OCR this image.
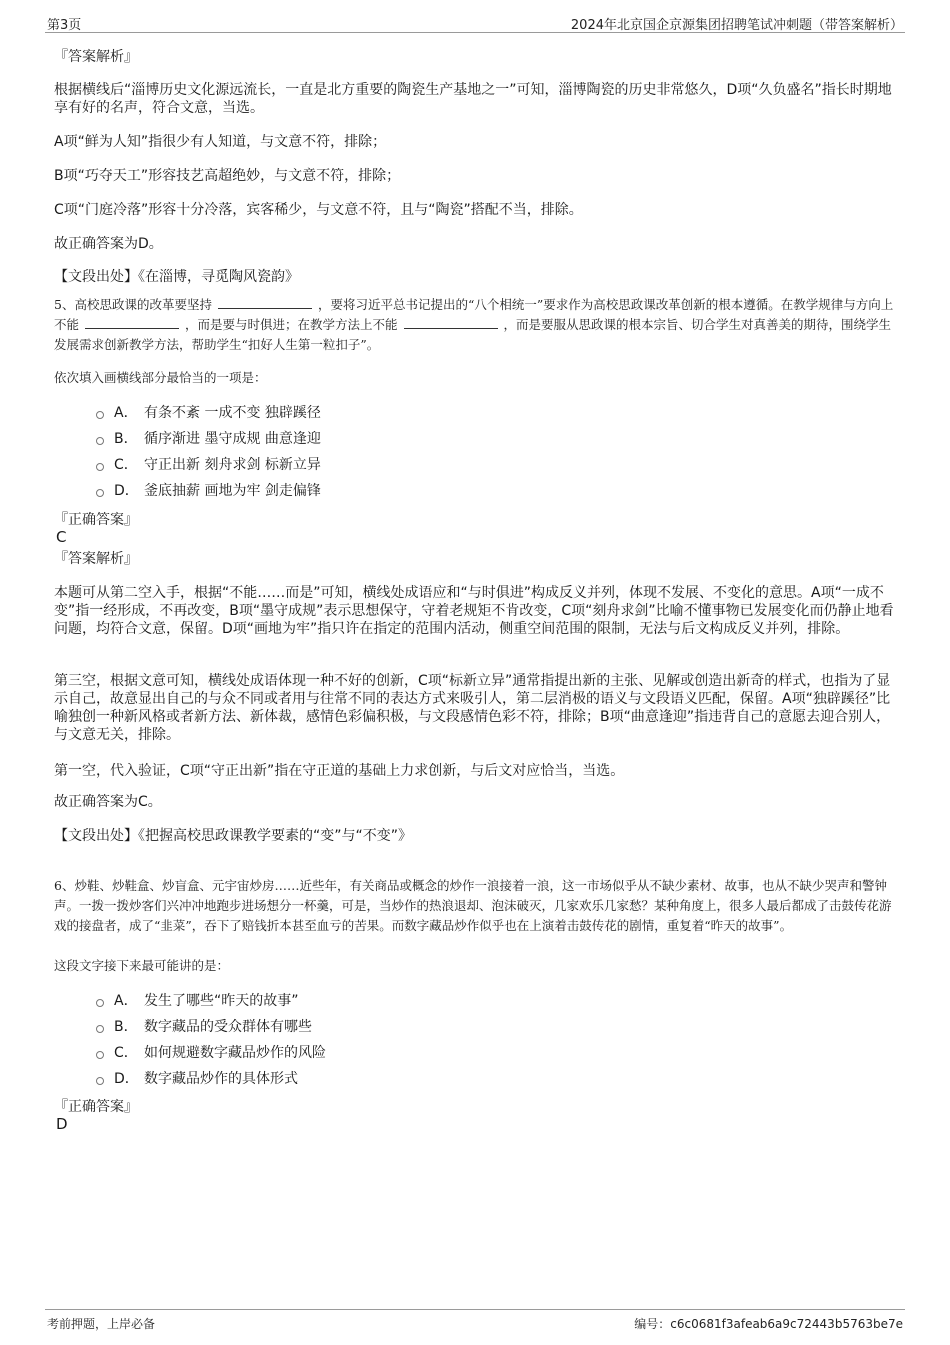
第3页	2024年北京国企京源集团招聘笔试冲刺题（带答案解析）
『答案解析』
根据横线后“淄博历史文化源远流长，一直是北方重要的陶瓷生产基地之一”可知，淄博陶瓷的历史非常悠久，D项“久负盛名”指长时期地享有好的名声，符合文意，当选。
A项“鲜为人知”指很少有人知道，与文意不符，排除；
B项“巧夺天工”形容技艺高超绝妙，与文意不符，排除；
C项“门庭冷落”形容十分冷落，宾客稀少，与文意不符，且与“陶瓷”搭配不当，排除。
故正确答案为D。
【文段出处】《在淄博，寻觅陶风瓷韵》
5、高校思政课的改革要坚持	，要将习近平总书记提出的“八个相统一”要求作为高校思政课改革创新的根本遵循。在教学规律与方向上不能	，而是要与时俱进；在教学方法上不能	，而是要服从思政课的根本宗旨、切合学生对真善美的期待，围绕学生发展需求创新教学方法，帮助学生“扣好人生第一粒扣子”。
依次填入画横线部分最恰当的一项是：
A． 有条不紊 一成不变 独辟蹊径
B． 循序渐进 墨守成规 曲意逢迎
C． 守正出新 刻舟求剑 标新立异
D． 釜底抽薪 画地为牢 剑走偏锋
『正确答案』
C
『答案解析』
本题可从第二空入手，根据“不能……而是”可知，横线处成语应和“与时俱进”构成反义并列，体现不发展、不变化的意思。A项“一成不变”指一经形成，不再改变，B项“墨守成规”表示思想保守，守着老规矩不肯改变，C项“刻舟求剑”比喻不懂事物已发展变化而仍静止地看问题，均符合文意，保留。D项“画地为牢”指只许在指定的范围内活动，侧重空间范围的限制，无法与后文构成反义并列，排除。
第三空，根据文意可知，横线处成语体现一种不好的创新，C项“标新立异”通常指提出新的主张、见解或创造出新奇的样式，也指为了显示自己，故意显出自己的与众不同或者用与往常不同的表达方式来吸引人，第二层消极的语义与文段语义匹配，保留。A项“独辟蹊径”比喻独创一种新风格或者新方法、新体裁，感情色彩偏积极，与文段感情色彩不符，排除；B项“曲意逢迎”指违背自己的意愿去迎合别人，与文意无关，排除。
第一空，代入验证，C项“守正出新”指在守正道的基础上力求创新，与后文对应恰当，当选。
故正确答案为C。
【文段出处】《把握高校思政课教学要素的“变”与“不变”》
6、炒鞋、炒鞋盒、炒盲盒、元宇宙炒房……近些年，有关商品或概念的炒作一浪接着一浪，这一市场似乎从不缺少素材、故事，也从不缺少哭声和警钟声。一拨一拨炒客们兴冲冲地跑步进场想分一杯羹，可是，当炒作的热浪退却、泡沫破灭，几家欢乐几家愁？某种角度上，很多人最后都成了击鼓传花游戏的接盘者，成了“韭菜”，吞下了赔钱折本甚至血亏的苦果。而数字藏品炒作似乎也在上演着击鼓传花的剧情，重复着“昨天的故事”。
这段文字接下来最可能讲的是：
A． 发生了哪些“昨天的故事”
B． 数字藏品的受众群体有哪些
C． 如何规避数字藏品炒作的风险
D． 数字藏品炒作的具体形式
『正确答案』
D
考前押题，上岸必备	编号：c6c0681f3afeab6a9c72443b5763be7e
